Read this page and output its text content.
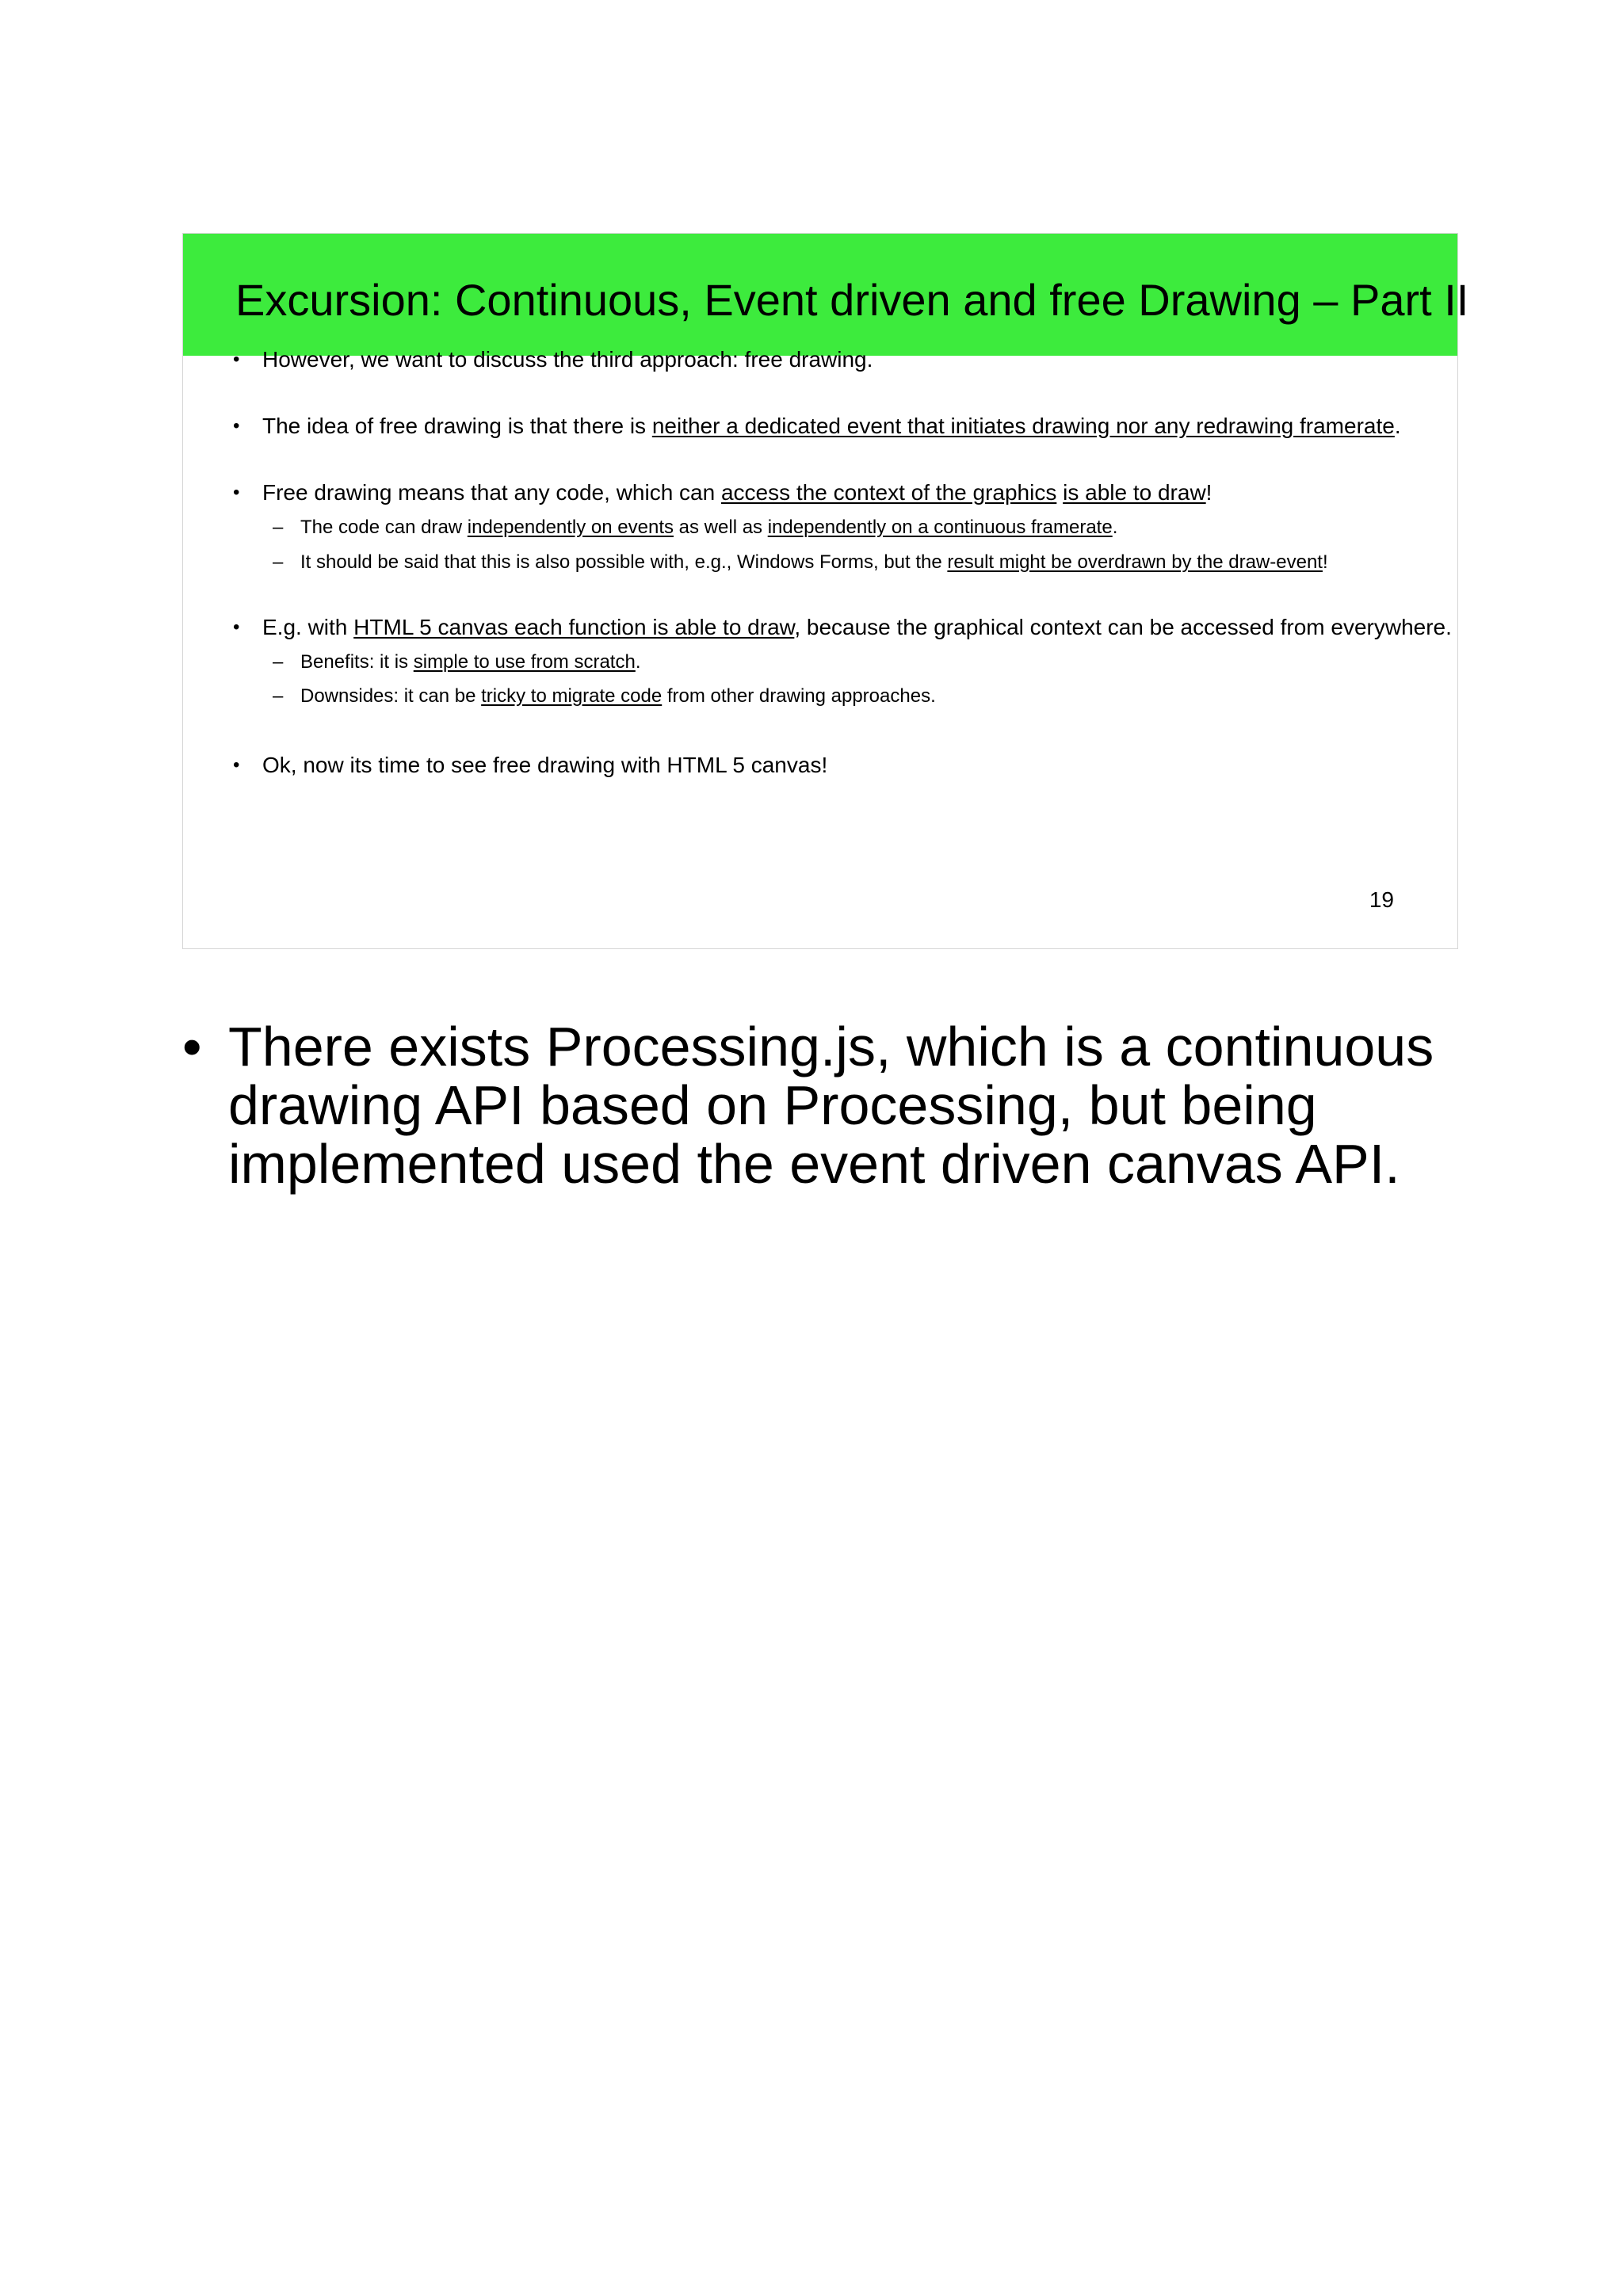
Excursion: Continuous, Event driven and free Drawing – Part II
• However, we want to discuss the third approach: free drawing.
• The idea of free drawing is that there is neither a dedicated event that initiates drawing nor any redrawing framerate.
• Free drawing means that any code, which can access the context of the graphics is able to draw!
– The code can draw independently on events as well as independently on a continuous framerate.
– It should be said that this is also possible with, e.g., Windows Forms, but the result might be overdrawn by the draw-event!
• E.g. with HTML 5 canvas each function is able to draw, because the graphical context can be accessed from everywhere.
– Benefits: it is simple to use from scratch.
– Downsides: it can be tricky to migrate code from other drawing approaches.
• Ok, now its time to see free drawing with HTML 5 canvas!
19
• There exists Processing.js, which is a continuous drawing API based on Processing, but being implemented used the event driven canvas API.
